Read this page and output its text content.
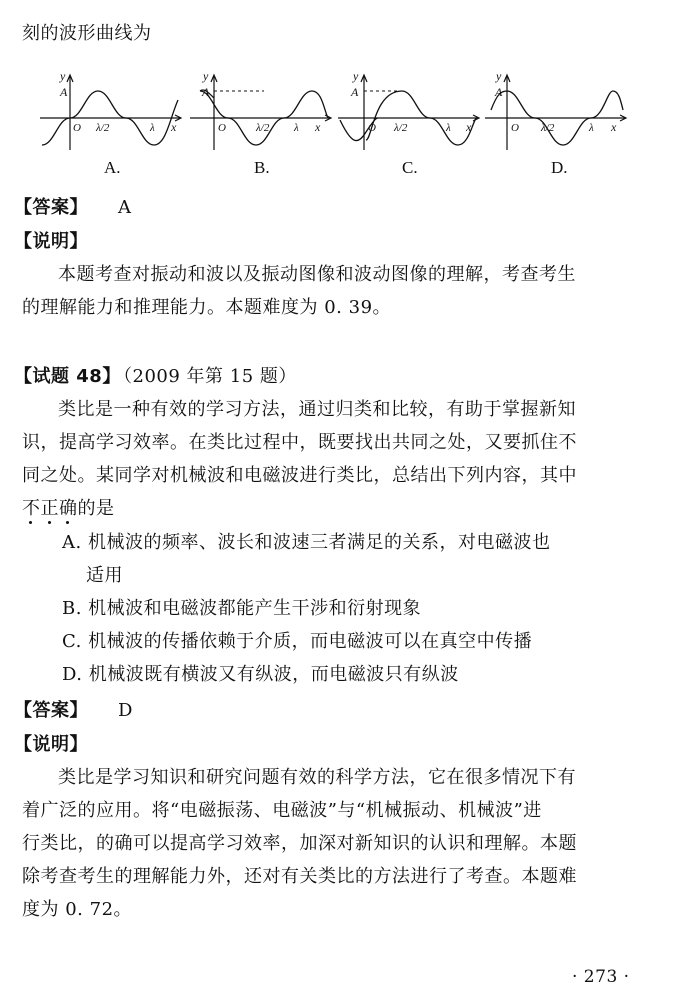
刻的波形曲线为
y
A
O λ/2	λ x
y
A
O	λ/2 λ x
y
A
O λ/2	λ x
y
A
O λ/2	λ x
A.	B.	C.	D.
【答案】 A
【说明】
本题考查对振动和波以及振动图像和波动图像的理解，考查考生
的理解能力和推理能力。本题难度为 0. 39。
【试题 48】
（2009 年第 15 题）
类比是一种有效的学习方法，通过归类和比较，有助于掌握新知
识，提高学习效率。在类比过程中，既要找出共同之处，又要抓住不
同之处。某同学对机械波和电磁波进行类比，总结出下列内容，其中
不正确的是
A. 机械波的频率、波长和波速三者满足的关系，对电磁波也
适用
B. 机械波和电磁波都能产生干涉和衍射现象
C. 机械波的传播依赖于介质，而电磁波可以在真空中传播
D. 机械波既有横波又有纵波，而电磁波只有纵波
【答案】 D
【说明】
类比是学习知识和研究问题有效的科学方法，它在很多情况下有
着广泛的应用。将“电磁振荡、电磁波”与“机械振动、机械波”进
行类比，的确可以提高学习效率，加深对新知识的认识和理解。本题
除考查考生的理解能力外，还对有关类比的方法进行了考查。本题难
度为 0. 72。
· 273 ·
